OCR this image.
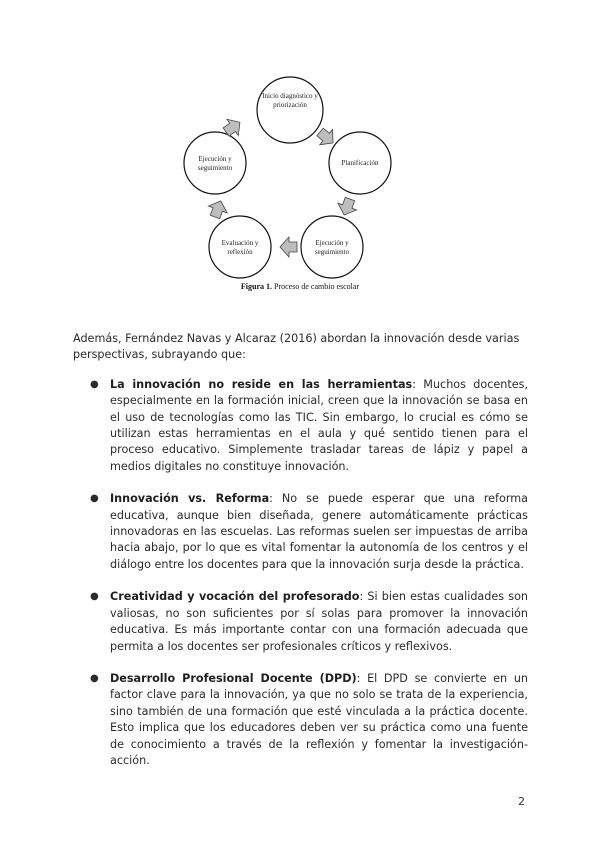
Inicio diagnóstico y priorización
Planificación
Ejecución y seguimiento
Evaluación y reflexión
Ejecución y seguimiento
Figura 1. Proceso de cambio escolar

Además, Fernández Navas y Alcaraz (2016) abordan la innovación desde varias perspectivas, subrayando que:

● La innovación no reside en las herramientas: Muchos docentes, especialmente en la formación inicial, creen que la innovación se basa en el uso de tecnologías como las TIC. Sin embargo, lo crucial es cómo se utilizan estas herramientas en el aula y qué sentido tienen para el proceso educativo. Simplemente trasladar tareas de lápiz y papel a medios digitales no constituye innovación.
● Innovación vs. Reforma: No se puede esperar que una reforma educativa, aunque bien diseñada, genere automáticamente prácticas innovadoras en las escuelas. Las reformas suelen ser impuestas de arriba hacia abajo, por lo que es vital fomentar la autonomía de los centros y el diálogo entre los docentes para que la innovación surja desde la práctica.
● Creatividad y vocación del profesorado: Si bien estas cualidades son valiosas, no son suficientes por sí solas para promover la innovación educativa. Es más importante contar con una formación adecuada que permita a los docentes ser profesionales críticos y reflexivos.
● Desarrollo Profesional Docente (DPD): El DPD se convierte en un factor clave para la innovación, ya que no solo se trata de la experiencia, sino también de una formación que esté vinculada a la práctica docente. Esto implica que los educadores deben ver su práctica como una fuente de conocimiento a través de la reflexión y fomentar la investigación-acción.
2
